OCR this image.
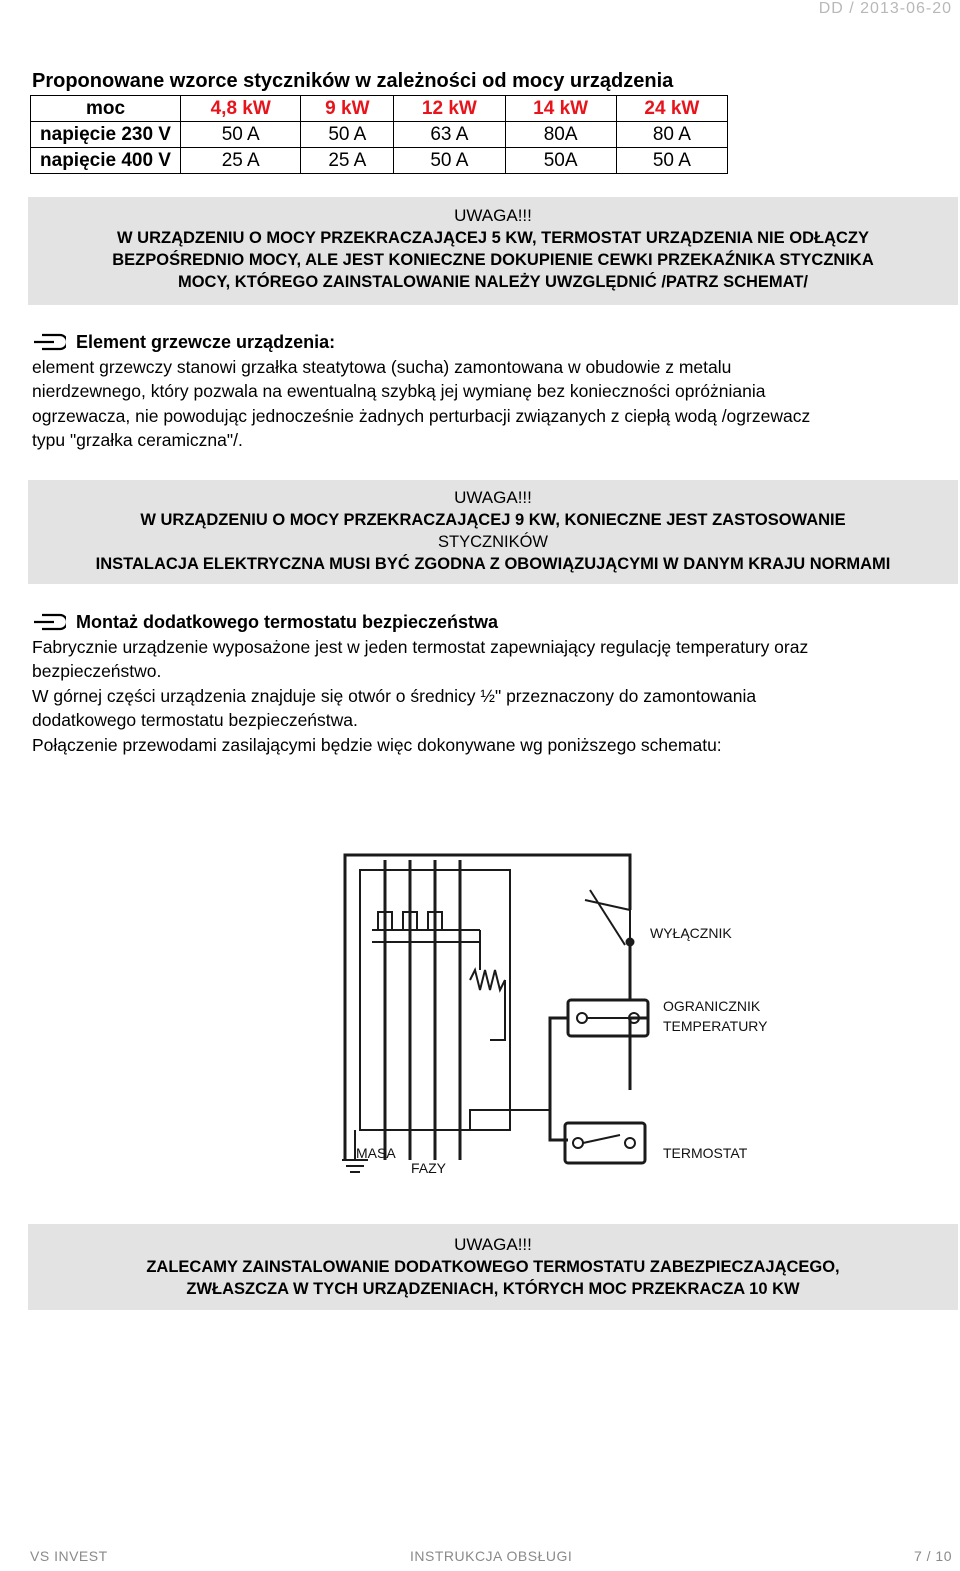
DD / 2013-06-20
Proponowane wzorce styczników w zależności od mocy urządzenia
moc	4,8 kW	9 kW	12 kW	14 kW	24 kW
napięcie 230 V	50 A	50 A	63 A	80A	80 A
napięcie 400 V	25 A	25 A	50 A	50A	50 A
UWAGA!!!
W URZĄDZENIU O MOCY PRZEKRACZAJĄCEJ 5 KW, TERMOSTAT URZĄDZENIA NIE ODŁĄCZY
BEZPOŚREDNIO MOCY, ALE JEST KONIECZNE DOKUPIENIE CEWKI PRZEKAŹNIKA STYCZNIKA
MOCY, KTÓREGO ZAINSTALOWANIE NALEŻY UWZGLĘDNIĆ /PATRZ SCHEMAT/
Element grzewcze urządzenia:
element grzewczy stanowi grzałka steatytowa (sucha) zamontowana w obudowie z metalu
nierdzewnego, który pozwala na ewentualną szybką jej wymianę bez konieczności opróżniania
ogrzewacza, nie powodując jednocześnie żadnych perturbacji związanych z ciepłą wodą /ogrzewacz
typu "grzałka ceramiczna"/.
UWAGA!!!
W URZĄDZENIU O MOCY PRZEKRACZAJĄCEJ 9 KW, KONIECZNE JEST ZASTOSOWANIE
STYCZNIKÓW
INSTALACJA ELEKTRYCZNA MUSI BYĆ ZGODNA Z OBOWIĄZUJĄCYMI W DANYM KRAJU NORMAMI
Montaż dodatkowego termostatu bezpieczeństwa
Fabrycznie urządzenie wyposażone jest w jeden termostat zapewniający regulację temperatury oraz
bezpieczeństwo.
W górnej części urządzenia znajduje się otwór o średnicy ½" przeznaczony do zamontowania
dodatkowego termostatu bezpieczeństwa.
Połączenie przewodami zasilającymi będzie więc dokonywane wg poniższego schematu:
WYŁĄCZNIK
OGRANICZNIK
TEMPERATURY
MASA
FAZY
TERMOSTAT
UWAGA!!!
ZALECAMY ZAINSTALOWANIE DODATKOWEGO TERMOSTATU ZABEZPIECZAJĄCEGO,
ZWŁASZCZA W TYCH URZĄDZENIACH, KTÓRYCH MOC PRZEKRACZA 10 KW
VS INVEST	INSTRUKCJA OBSŁUGI	7 / 10
